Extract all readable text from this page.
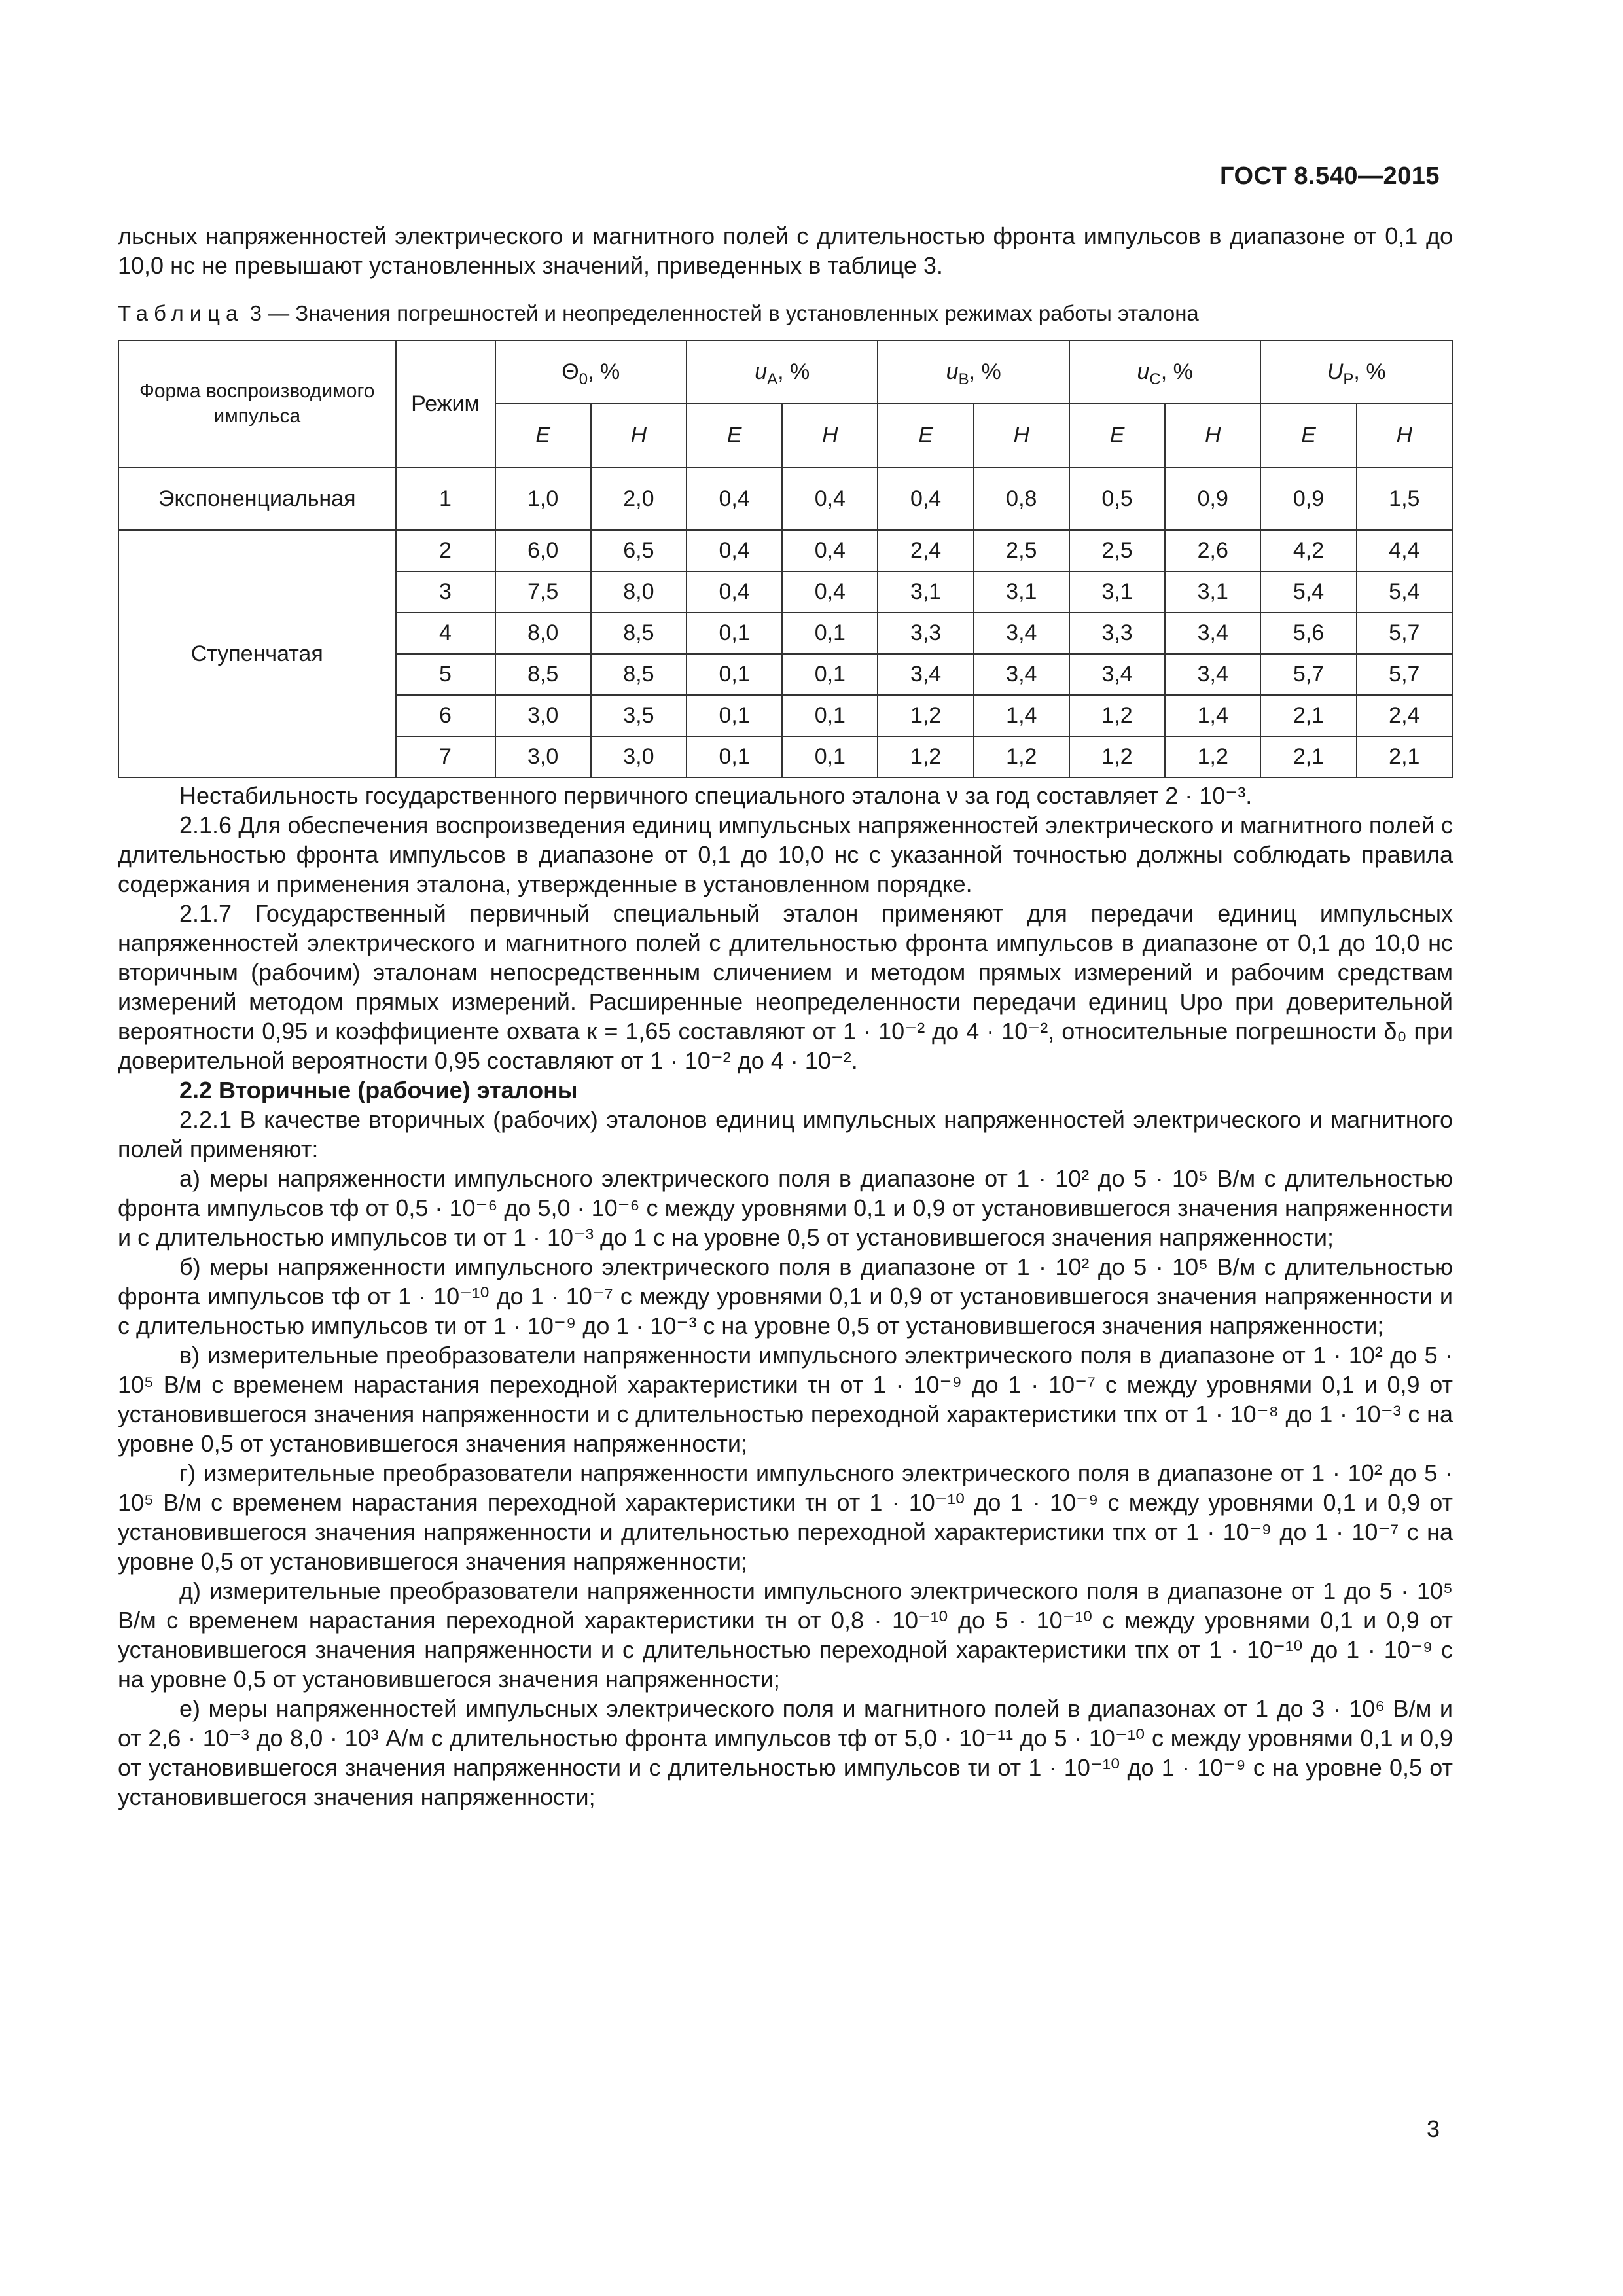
ГОСТ 8.540—2015

льсных напряженностей электрического и магнитного полей с длительностью фронта импульсов в диапазоне от 0,1 до 10,0 нс не превышают установленных значений, приведенных в таблице 3.

Таблица 3 — Значения погрешностей и неопределенностей в установленных режимах работы эталона

Форма воспроизводимого импульса	Режим	$\Theta_0$, %		$u_A$, %		$u_B$, %		$u_C$, %		$U_P$, %	
		E	H	E	H	E	H	E	H	E	H
Экспоненциальная	1	1,0	2,0	0,4	0,4	0,4	0,8	0,5	0,9	0,9	1,5
Ступенчатая	2	6,0	6,5	0,4	0,4	2,4	2,5	2,5	2,6	4,2	4,4
	3	7,5	8,0	0,4	0,4	3,1	3,1	3,1	3,1	5,4	5,4
	4	8,0	8,5	0,1	0,1	3,3	3,4	3,3	3,4	5,6	5,7
	5	8,5	8,5	0,1	0,1	3,4	3,4	3,4	3,4	5,7	5,7
	6	3,0	3,5	0,1	0,1	1,2	1,4	1,2	1,4	2,1	2,4
	7	3,0	3,0	0,1	0,1	1,2	1,2	1,2	1,2	2,1	2,1

Нестабильность государственного первичного специального эталона ν за год составляет 2 · 10⁻³.

2.1.6 Для обеспечения воспроизведения единиц импульсных напряженностей электрического и магнитного полей с длительностью фронта импульсов в диапазоне от 0,1 до 10,0 нс с указанной точностью должны соблюдать правила содержания и применения эталона, утвержденные в установленном порядке.

2.1.7 Государственный первичный специальный эталон применяют для передачи единиц импульсных напряженностей электрического и магнитного полей с длительностью фронта импульсов в диапазоне от 0,1 до 10,0 нс вторичным (рабочим) эталонам непосредственным сличением и методом прямых измерений и рабочим средствам измерений методом прямых измерений. Расширенные неопределенности передачи единиц Uро при доверительной вероятности 0,95 и коэффициенте охвата к = 1,65 составляют от 1 · 10⁻² до 4 · 10⁻², относительные погрешности δ₀ при доверительной вероятности 0,95 составляют от 1 · 10⁻² до 4 · 10⁻².

2.2 Вторичные (рабочие) эталоны

2.2.1 В качестве вторичных (рабочих) эталонов единиц импульсных напряженностей электрического и магнитного полей применяют:

а) меры напряженности импульсного электрического поля в диапазоне от 1 · 10² до 5 · 10⁵ В/м с длительностью фронта импульсов τф от 0,5 · 10⁻⁶ до 5,0 · 10⁻⁶ с между уровнями 0,1 и 0,9 от установившегося значения напряженности и с длительностью импульсов τи от 1 · 10⁻³ до 1 с на уровне 0,5 от установившегося значения напряженности;

б) меры напряженности импульсного электрического поля в диапазоне от 1 · 10² до 5 · 10⁵ В/м с длительностью фронта импульсов τф от 1 · 10⁻¹⁰ до 1 · 10⁻⁷ с между уровнями 0,1 и 0,9 от установившегося значения напряженности и с длительностью импульсов τи от 1 · 10⁻⁹ до 1 · 10⁻³ с на уровне 0,5 от установившегося значения напряженности;

в) измерительные преобразователи напряженности импульсного электрического поля в диапазоне от 1 · 10² до 5 · 10⁵ В/м с временем нарастания переходной характеристики τн от 1 · 10⁻⁹ до 1 · 10⁻⁷ с между уровнями 0,1 и 0,9 от установившегося значения напряженности и с длительностью переходной характеристики τпх от 1 · 10⁻⁸ до 1 · 10⁻³ с на уровне 0,5 от установившегося значения напряженности;

г) измерительные преобразователи напряженности импульсного электрического поля в диапазоне от 1 · 10² до 5 · 10⁵ В/м с временем нарастания переходной характеристики τн от 1 · 10⁻¹⁰ до 1 · 10⁻⁹ с между уровнями 0,1 и 0,9 от установившегося значения напряженности и длительностью переходной характеристики τпх от 1 · 10⁻⁹ до 1 · 10⁻⁷ с на уровне 0,5 от установившегося значения напряженности;

д) измерительные преобразователи напряженности импульсного электрического поля в диапазоне от 1 до 5 · 10⁵ В/м с временем нарастания переходной характеристики τн от 0,8 · 10⁻¹⁰ до 5 · 10⁻¹⁰ с между уровнями 0,1 и 0,9 от установившегося значения напряженности и с длительностью переходной характеристики τпх от 1 · 10⁻¹⁰ до 1 · 10⁻⁹ с на уровне 0,5 от установившегося значения напряженности;

е) меры напряженностей импульсных электрического поля и магнитного полей в диапазонах от 1 до 3 · 10⁶ В/м и от 2,6 · 10⁻³ до 8,0 · 10³ А/м с длительностью фронта импульсов τф от 5,0 · 10⁻¹¹ до 5 · 10⁻¹⁰ с между уровнями 0,1 и 0,9 от установившегося значения напряженности и с длительностью импульсов τи от 1 · 10⁻¹⁰ до 1 · 10⁻⁹ с на уровне 0,5 от установившегося значения напряженности;

3
